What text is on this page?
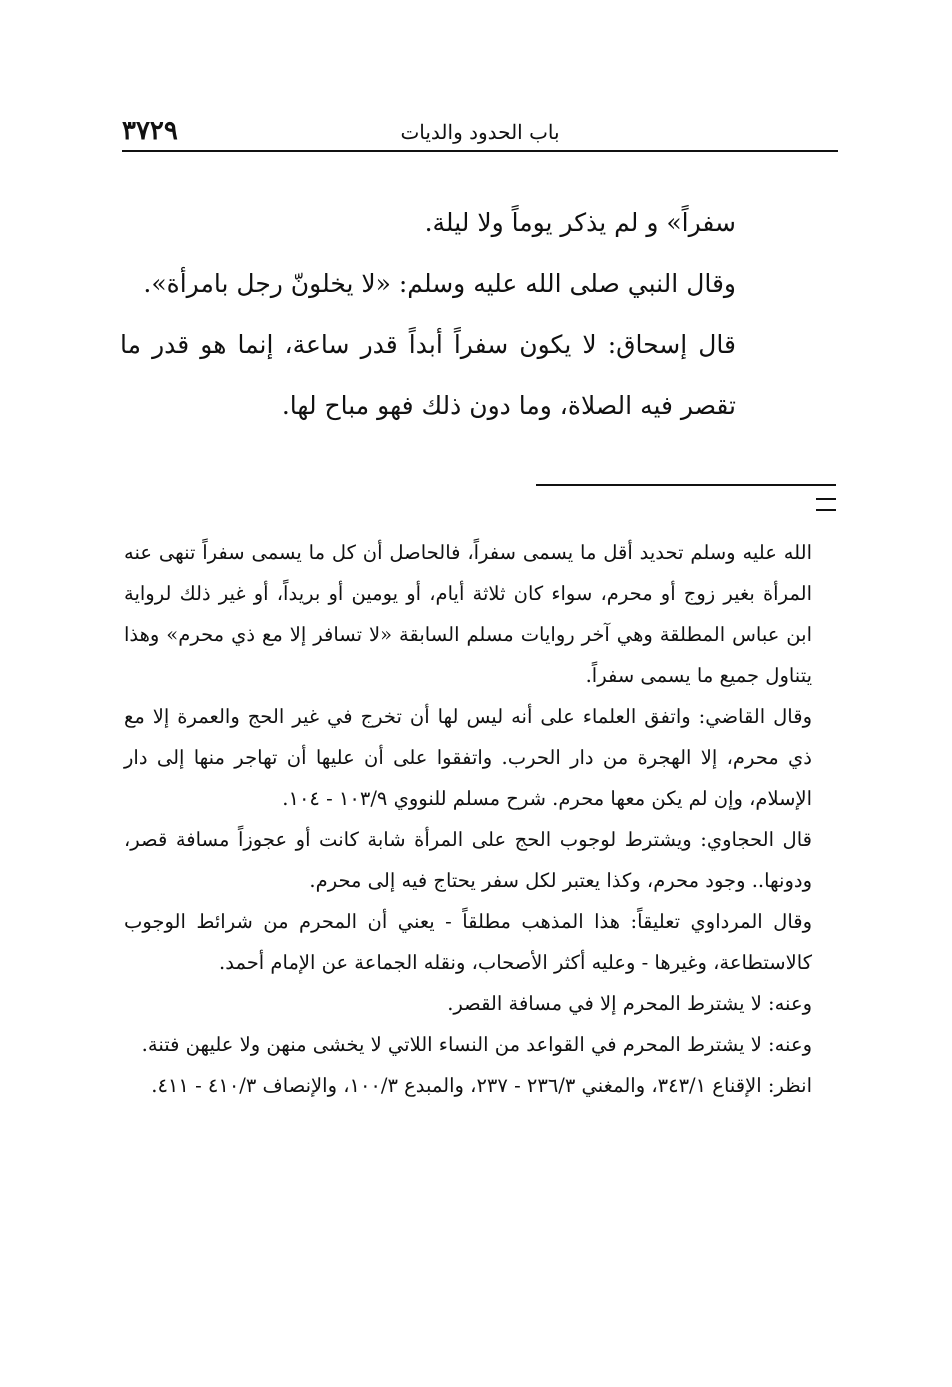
٣٧٢٩	باب الحدود والديات

سفراً» و لم يذكر يوماً ولا ليلة.

وقال النبي صلى الله عليه وسلم: «لا يخلونّ رجل بامرأة».

قال إسحاق: لا يكون سفراً أبداً قدر ساعة، إنما هو قدر ما تقصر فيه الصلاة، وما دون ذلك فهو مباح لها.

الله عليه وسلم تحديد أقل ما يسمى سفراً، فالحاصل أن كل ما يسمى سفراً تنهى عنه المرأة بغير زوج أو محرم، سواء كان ثلاثة أيام، أو يومين أو بريداً، أو غير ذلك لرواية ابن عباس المطلقة وهي آخر روايات مسلم السابقة «لا تسافر إلا مع ذي محرم» وهذا يتناول جميع ما يسمى سفراً.

وقال القاضي: واتفق العلماء على أنه ليس لها أن تخرج في غير الحج والعمرة إلا مع ذي محرم، إلا الهجرة من دار الحرب. واتفقوا على أن عليها أن تهاجر منها إلى دار الإسلام، وإن لم يكن معها محرم. شرح مسلم للنووي ١٠٣/٩ - ١٠٤.

قال الحجاوي: ويشترط لوجوب الحج على المرأة شابة كانت أو عجوزاً مسافة قصر، ودونها.. وجود محرم، وكذا يعتبر لكل سفر يحتاج فيه إلى محرم.

وقال المرداوي تعليقاً: هذا المذهب مطلقاً - يعني أن المحرم من شرائط الوجوب كالاستطاعة، وغيرها - وعليه أكثر الأصحاب، ونقله الجماعة عن الإمام أحمد.

وعنه: لا يشترط المحرم إلا في مسافة القصر.

وعنه: لا يشترط المحرم في القواعد من النساء اللاتي لا يخشى منهن ولا عليهن فتنة.

انظر: الإقناع ٣٤٣/١، والمغني ٢٣٦/٣ - ٢٣٧، والمبدع ١٠٠/٣، والإنصاف ٤١٠/٣ - ٤١١.
